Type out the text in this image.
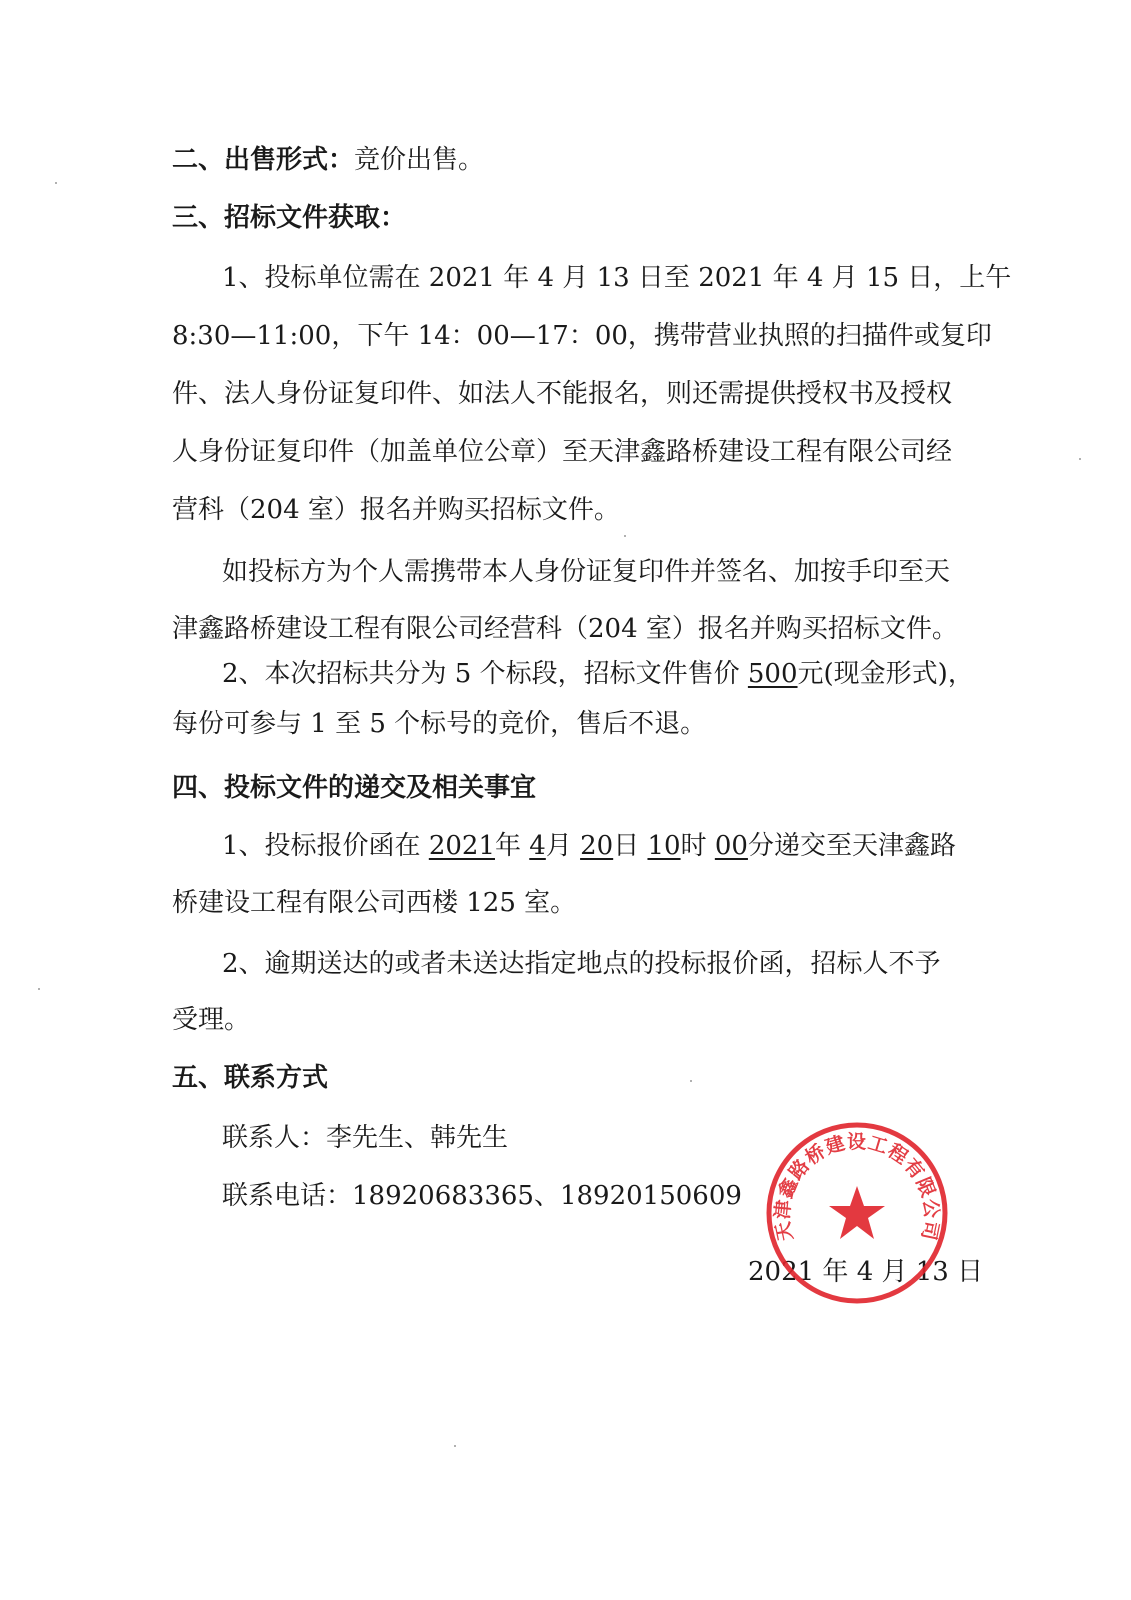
二、出售形式：竞价出售。
三、招标文件获取：
1、投标单位需在 2021 年 4 月 13 日至 2021 年 4 月 15 日，上午
8:30—11:00，下午 14：00—17：00，携带营业执照的扫描件或复印
件、法人身份证复印件、如法人不能报名，则还需提供授权书及授权
人身份证复印件（加盖单位公章）至天津鑫路桥建设工程有限公司经
营科（204 室）报名并购买招标文件。
如投标方为个人需携带本人身份证复印件并签名、加按手印至天
津鑫路桥建设工程有限公司经营科（204 室）报名并购买招标文件。
2、本次招标共分为 5 个标段，招标文件售价 500元(现金形式)，
每份可参与 1 至 5 个标号的竞价，售后不退。
四、投标文件的递交及相关事宜
1、投标报价函在 2021年 4月 20日 10时 00分递交至天津鑫路
桥建设工程有限公司西楼 125 室。
2、逾期送达的或者未送达指定地点的投标报价函，招标人不予
受理。
五、联系方式
联系人：李先生、韩先生
联系电话：18920683365、18920150609
2021 年 4 月 13 日
天津鑫路桥建设工程有限公司
